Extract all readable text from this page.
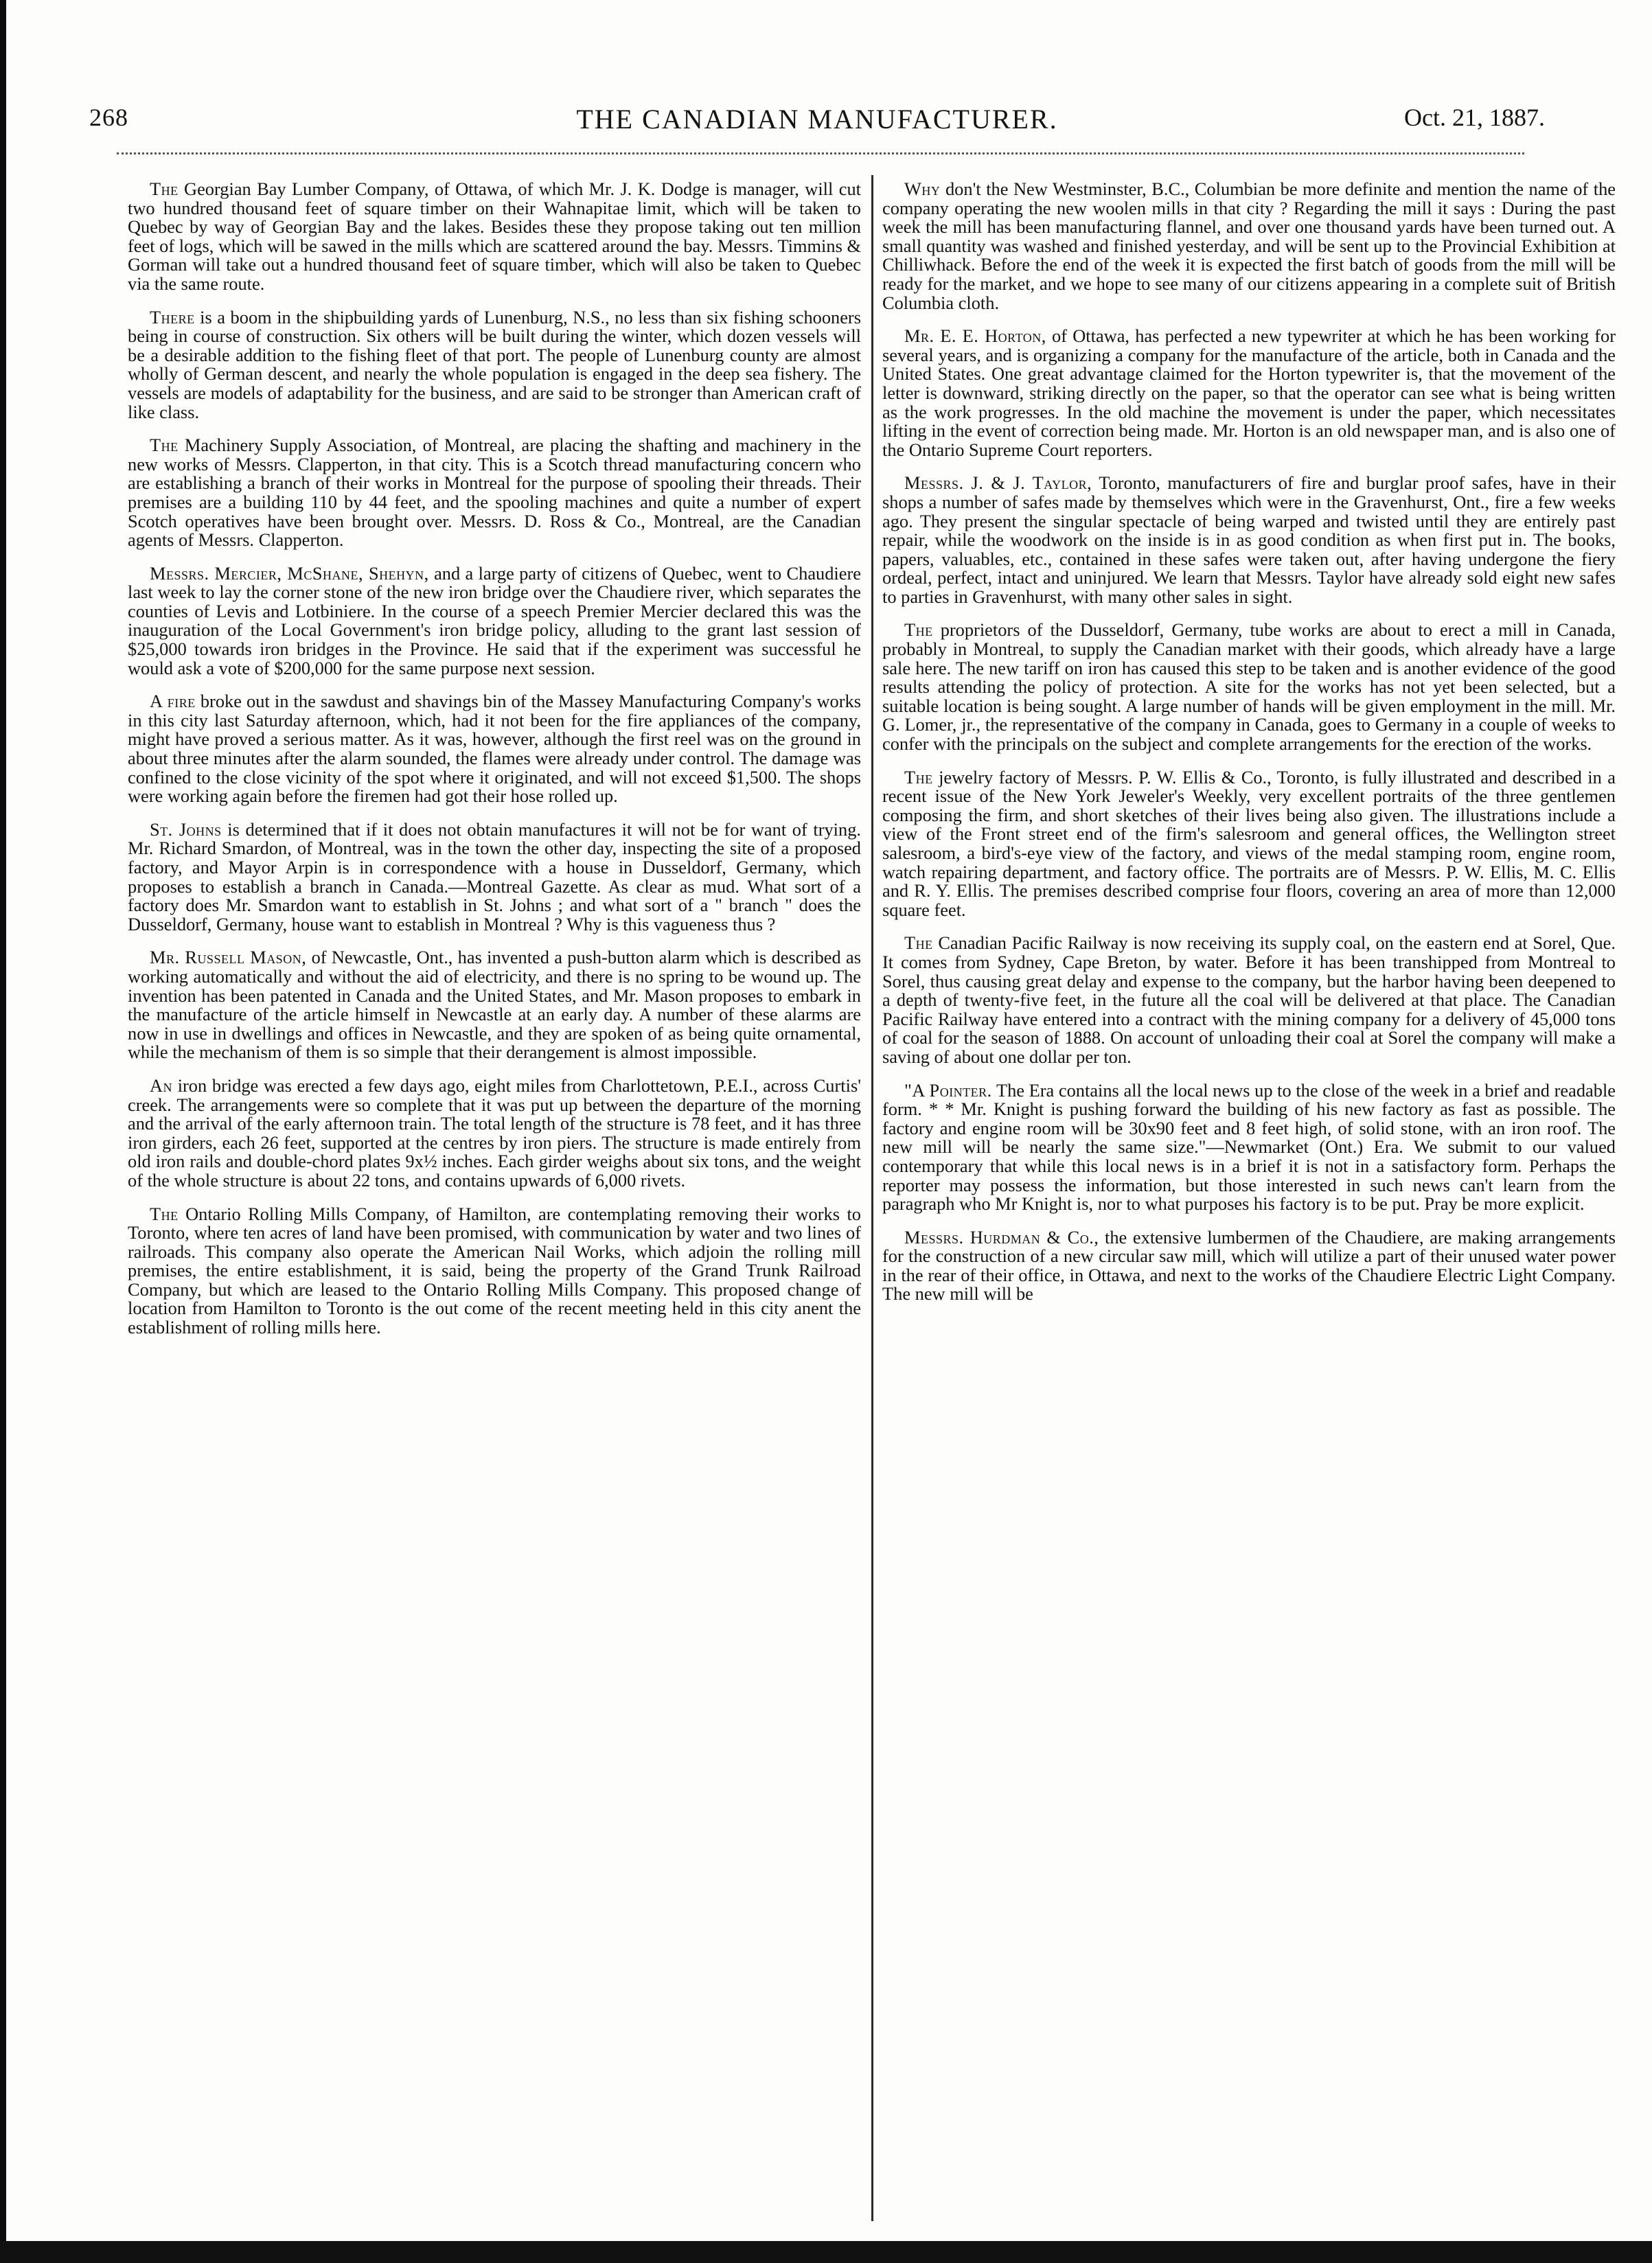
268	THE CANADIAN MANUFACTURER.	Oct. 21, 1887.

The Georgian Bay Lumber Company, of Ottawa, of which Mr. J. K. Dodge is manager, will cut two hundred thousand feet of square timber on their Wahnapitae limit, which will be taken to Quebec by way of Georgian Bay and the lakes. Besides these they propose taking out ten million feet of logs, which will be sawed in the mills which are scattered around the bay. Messrs. Timmins & Gorman will take out a hundred thousand feet of square timber, which will also be taken to Quebec via the same route.

There is a boom in the shipbuilding yards of Lunenburg, N.S., no less than six fishing schooners being in course of construction. Six others will be built during the winter, which dozen vessels will be a desirable addition to the fishing fleet of that port. The people of Lunenburg county are almost wholly of German descent, and nearly the whole population is engaged in the deep sea fishery. The vessels are models of adaptability for the business, and are said to be stronger than American craft of like class.

The Machinery Supply Association, of Montreal, are placing the shafting and machinery in the new works of Messrs. Clapperton, in that city. This is a Scotch thread manufacturing concern who are establishing a branch of their works in Montreal for the purpose of spooling their threads. Their premises are a building 110 by 44 feet, and the spooling machines and quite a number of expert Scotch operatives have been brought over. Messrs. D. Ross & Co., Montreal, are the Canadian agents of Messrs. Clapperton.

Messrs. Mercier, McShane, Shehyn, and a large party of citizens of Quebec, went to Chaudiere last week to lay the corner stone of the new iron bridge over the Chaudiere river, which separates the counties of Levis and Lotbiniere. In the course of a speech Premier Mercier declared this was the inauguration of the Local Government's iron bridge policy, alluding to the grant last session of $25,000 towards iron bridges in the Province. He said that if the experiment was successful he would ask a vote of $200,000 for the same purpose next session.

A fire broke out in the sawdust and shavings bin of the Massey Manufacturing Company's works in this city last Saturday afternoon, which, had it not been for the fire appliances of the company, might have proved a serious matter. As it was, however, although the first reel was on the ground in about three minutes after the alarm sounded, the flames were already under control. The damage was confined to the close vicinity of the spot where it originated, and will not exceed $1,500. The shops were working again before the firemen had got their hose rolled up.

St. Johns is determined that if it does not obtain manufactures it will not be for want of trying. Mr. Richard Smardon, of Montreal, was in the town the other day, inspecting the site of a proposed factory, and Mayor Arpin is in correspondence with a house in Dusseldorf, Germany, which proposes to establish a branch in Canada.—Montreal Gazette. As clear as mud. What sort of a factory does Mr. Smardon want to establish in St. Johns ; and what sort of a " branch " does the Dusseldorf, Germany, house want to establish in Montreal ? Why is this vagueness thus ?

Mr. Russell Mason, of Newcastle, Ont., has invented a push-button alarm which is described as working automatically and without the aid of electricity, and there is no spring to be wound up. The invention has been patented in Canada and the United States, and Mr. Mason proposes to embark in the manufacture of the article himself in Newcastle at an early day. A number of these alarms are now in use in dwellings and offices in Newcastle, and they are spoken of as being quite ornamental, while the mechanism of them is so simple that their derangement is almost impossible.

An iron bridge was erected a few days ago, eight miles from Charlottetown, P.E.I., across Curtis' creek. The arrangements were so complete that it was put up between the departure of the morning and the arrival of the early afternoon train. The total length of the structure is 78 feet, and it has three iron girders, each 26 feet, supported at the centres by iron piers. The structure is made entirely from old iron rails and double-chord plates 9x½ inches. Each girder weighs about six tons, and the weight of the whole structure is about 22 tons, and contains upwards of 6,000 rivets.

The Ontario Rolling Mills Company, of Hamilton, are contemplating removing their works to Toronto, where ten acres of land have been promised, with communication by water and two lines of railroads. This company also operate the American Nail Works, which adjoin the rolling mill premises, the entire establishment, it is said, being the property of the Grand Trunk Railroad Company, but which are leased to the Ontario Rolling Mills Company. This proposed change of location from Hamilton to Toronto is the out come of the recent meeting held in this city anent the establishment of rolling mills here.

Why don't the New Westminster, B.C., Columbian be more definite and mention the name of the company operating the new woolen mills in that city ? Regarding the mill it says : During the past week the mill has been manufacturing flannel, and over one thousand yards have been turned out. A small quantity was washed and finished yesterday, and will be sent up to the Provincial Exhibition at Chilliwhack. Before the end of the week it is expected the first batch of goods from the mill will be ready for the market, and we hope to see many of our citizens appearing in a complete suit of British Columbia cloth.

Mr. E. E. Horton, of Ottawa, has perfected a new typewriter at which he has been working for several years, and is organizing a company for the manufacture of the article, both in Canada and the United States. One great advantage claimed for the Horton typewriter is, that the movement of the letter is downward, striking directly on the paper, so that the operator can see what is being written as the work progresses. In the old machine the movement is under the paper, which necessitates lifting in the event of correction being made. Mr. Horton is an old newspaper man, and is also one of the Ontario Supreme Court reporters.

Messrs. J. & J. Taylor, Toronto, manufacturers of fire and burglar proof safes, have in their shops a number of safes made by themselves which were in the Gravenhurst, Ont., fire a few weeks ago. They present the singular spectacle of being warped and twisted until they are entirely past repair, while the woodwork on the inside is in as good condition as when first put in. The books, papers, valuables, etc., contained in these safes were taken out, after having undergone the fiery ordeal, perfect, intact and uninjured. We learn that Messrs. Taylor have already sold eight new safes to parties in Gravenhurst, with many other sales in sight.

The proprietors of the Dusseldorf, Germany, tube works are about to erect a mill in Canada, probably in Montreal, to supply the Canadian market with their goods, which already have a large sale here. The new tariff on iron has caused this step to be taken and is another evidence of the good results attending the policy of protection. A site for the works has not yet been selected, but a suitable location is being sought. A large number of hands will be given employment in the mill. Mr. G. Lomer, jr., the representative of the company in Canada, goes to Germany in a couple of weeks to confer with the principals on the subject and complete arrangements for the erection of the works.

The jewelry factory of Messrs. P. W. Ellis & Co., Toronto, is fully illustrated and described in a recent issue of the New York Jeweler's Weekly, very excellent portraits of the three gentlemen composing the firm, and short sketches of their lives being also given. The illustrations include a view of the Front street end of the firm's salesroom and general offices, the Wellington street salesroom, a bird's-eye view of the factory, and views of the medal stamping room, engine room, watch repairing department, and factory office. The portraits are of Messrs. P. W. Ellis, M. C. Ellis and R. Y. Ellis. The premises described comprise four floors, covering an area of more than 12,000 square feet.

The Canadian Pacific Railway is now receiving its supply coal, on the eastern end at Sorel, Que. It comes from Sydney, Cape Breton, by water. Before it has been transhipped from Montreal to Sorel, thus causing great delay and expense to the company, but the harbor having been deepened to a depth of twenty-five feet, in the future all the coal will be delivered at that place. The Canadian Pacific Railway have entered into a contract with the mining company for a delivery of 45,000 tons of coal for the season of 1888. On account of unloading their coal at Sorel the company will make a saving of about one dollar per ton.

"A Pointer. The Era contains all the local news up to the close of the week in a brief and readable form. * * Mr. Knight is pushing forward the building of his new factory as fast as possible. The factory and engine room will be 30x90 feet and 8 feet high, of solid stone, with an iron roof. The new mill will be nearly the same size."—Newmarket (Ont.) Era. We submit to our valued contemporary that while this local news is in a brief it is not in a satisfactory form. Perhaps the reporter may possess the information, but those interested in such news can't learn from the paragraph who Mr Knight is, nor to what purposes his factory is to be put. Pray be more explicit.

Messrs. Hurdman & Co., the extensive lumbermen of the Chaudiere, are making arrangements for the construction of a new circular saw mill, which will utilize a part of their unused water power in the rear of their office, in Ottawa, and next to the works of the Chaudiere Electric Light Company. The new mill will be
